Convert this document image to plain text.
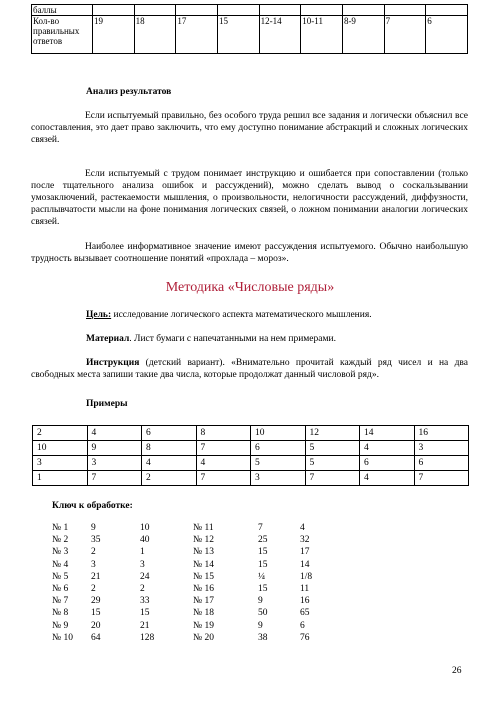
баллы									
Кол-во правильных ответов	19	18	17	15	12-14	10-11	8-9	7	6
Анализ результатов
Если испытуемый правильно, без особого труда решил все задания и логически объяснил все сопоставления, это дает право заключить, что ему доступно понимание абстракций и сложных логических связей.
Если испытуемый с трудом понимает инструкцию и ошибается при сопоставлении (только после тщательного анализа ошибок и рассуждений), можно сделать вывод о соскальзывании умозаключений, растекаемости мышления, о произвольности, нелогичности рассуждений, диффузности, расплывчатости мысли на фоне понимания логических связей, о ложном понимании аналогии логических связей.
Наиболее информативное значение имеют рассуждения испытуемого. Обычно наибольшую трудность вызывает соотношение понятий «прохлада – мороз».
Методика «Числовые ряды»
Цель: исследование логического аспекта математического мышления.
Материал. Лист бумаги с напечатанными на нем примерами.
Инструкция (детский вариант). «Внимательно прочитай каждый ряд чисел и на два свободных места запиши такие два числа, которые продолжат данный числовой ряд».
Примеры
2	4	6	8	10	12	14	16
10	9	8	7	6	5	4	3
3	3	4	4	5	5	6	6
1	7	2	7	3	7	4	7
Ключ к обработке:
№ 1 9	10
№ 2 35	40
№ 3 2	1
№ 4 3	3
№ 5 21	24
№ 6 2	2
№ 7 29	33
№ 8 15	15
№ 9 20	21
№ 10 64	128
№ 11	7	4
№ 12	25	32
№ 13	15	17
№ 14	15	14
№ 15	¼	1/8
№ 16	15	11
№ 17	9	16
№ 18	50	65
№ 19	9	6
№ 20	38	76
26
